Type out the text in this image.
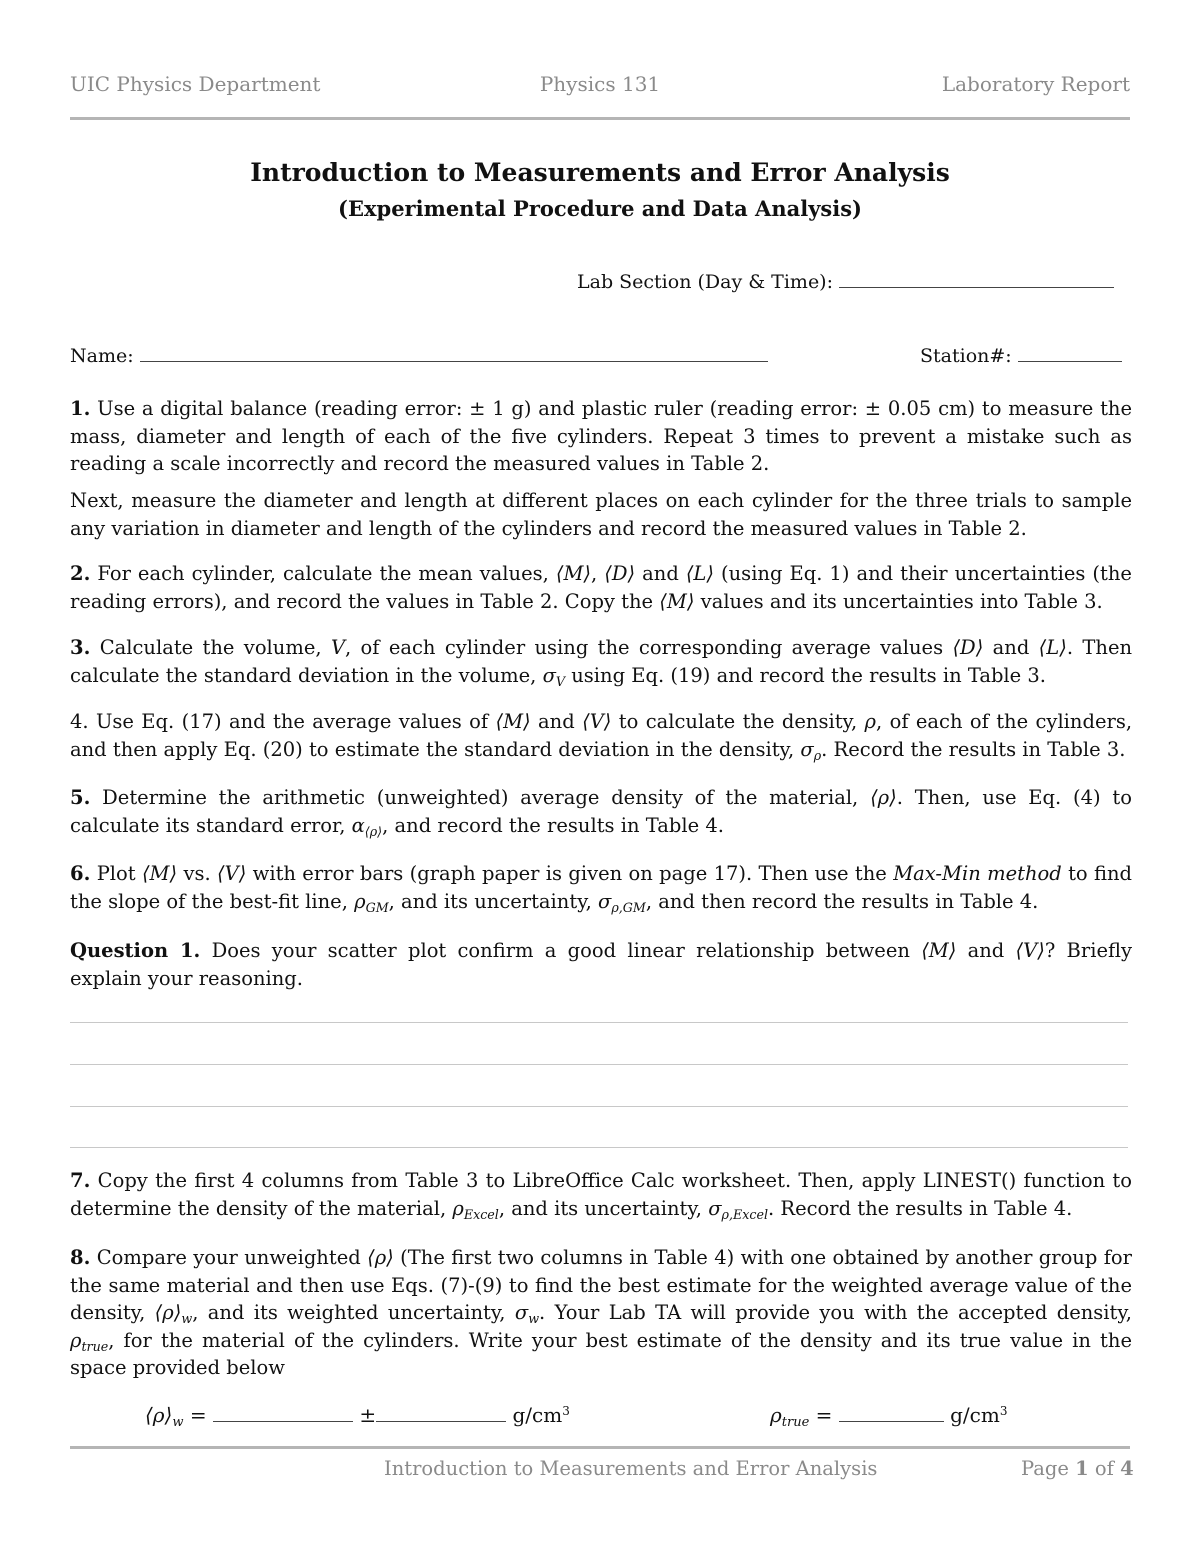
UIC Physics Department	Physics 131	Laboratory Report
Introduction to Measurements and Error Analysis
(Experimental Procedure and Data Analysis)
Lab Section (Day & Time):
Name:	Station#:
1. Use a digital balance (reading error: ± 1 g) and plastic ruler (reading error: ± 0.05 cm) to measure the mass, diameter and length of each of the five cylinders. Repeat 3 times to prevent a mistake such as reading a scale incorrectly and record the measured values in Table 2.
Next, measure the diameter and length at different places on each cylinder for the three trials to sample any variation in diameter and length of the cylinders and record the measured values in Table 2.
2. For each cylinder, calculate the mean values, ⟨M⟩, ⟨D⟩ and ⟨L⟩ (using Eq. 1) and their uncertainties (the reading errors), and record the values in Table 2. Copy the ⟨M⟩ values and its uncertainties into Table 3.
3. Calculate the volume, V, of each cylinder using the corresponding average values ⟨D⟩ and ⟨L⟩. Then calculate the standard deviation in the volume, $\sigma_V$ using Eq. (19) and record the results in Table 3.
4. Use Eq. (17) and the average values of ⟨M⟩ and ⟨V⟩ to calculate the density, ρ, of each of the cylinders, and then apply Eq. (20) to estimate the standard deviation in the density, $\sigma_\rho$. Record the results in Table 3.
5. Determine the arithmetic (unweighted) average density of the material, ⟨ρ⟩. Then, use Eq. (4) to calculate its standard error, $\alpha_{⟨\rho⟩}$, and record the results in Table 4.
6. Plot ⟨M⟩ vs. ⟨V⟩ with error bars (graph paper is given on page 17). Then use the Max-Min method to find the slope of the best-fit line, $\rho_{GM}$, and its uncertainty, $\sigma_{\rho,GM}$, and then record the results in Table 4.
Question 1. Does your scatter plot confirm a good linear relationship between ⟨M⟩ and ⟨V⟩? Briefly explain your reasoning.
7. Copy the first 4 columns from Table 3 to LibreOffice Calc worksheet. Then, apply LINEST() function to determine the density of the material, $\rho_{Excel}$, and its uncertainty, $\sigma_{\rho,Excel}$. Record the results in Table 4.
8. Compare your unweighted ⟨ρ⟩ (The first two columns in Table 4) with one obtained by another group for the same material and then use Eqs. (7)-(9) to find the best estimate for the weighted average value of the density, $⟨\rho⟩_w$, and its weighted uncertainty, $\sigma_w$. Your Lab TA will provide you with the accepted density, $\rho_{true}$, for the material of the cylinders. Write your best estimate of the density and its true value in the space provided below
$⟨\rho⟩_w$ =	±	$g/cm^3$	$\rho_{true}$ =	$g/cm^3$
Introduction to Measurements and Error Analysis	Page 1 of 4
